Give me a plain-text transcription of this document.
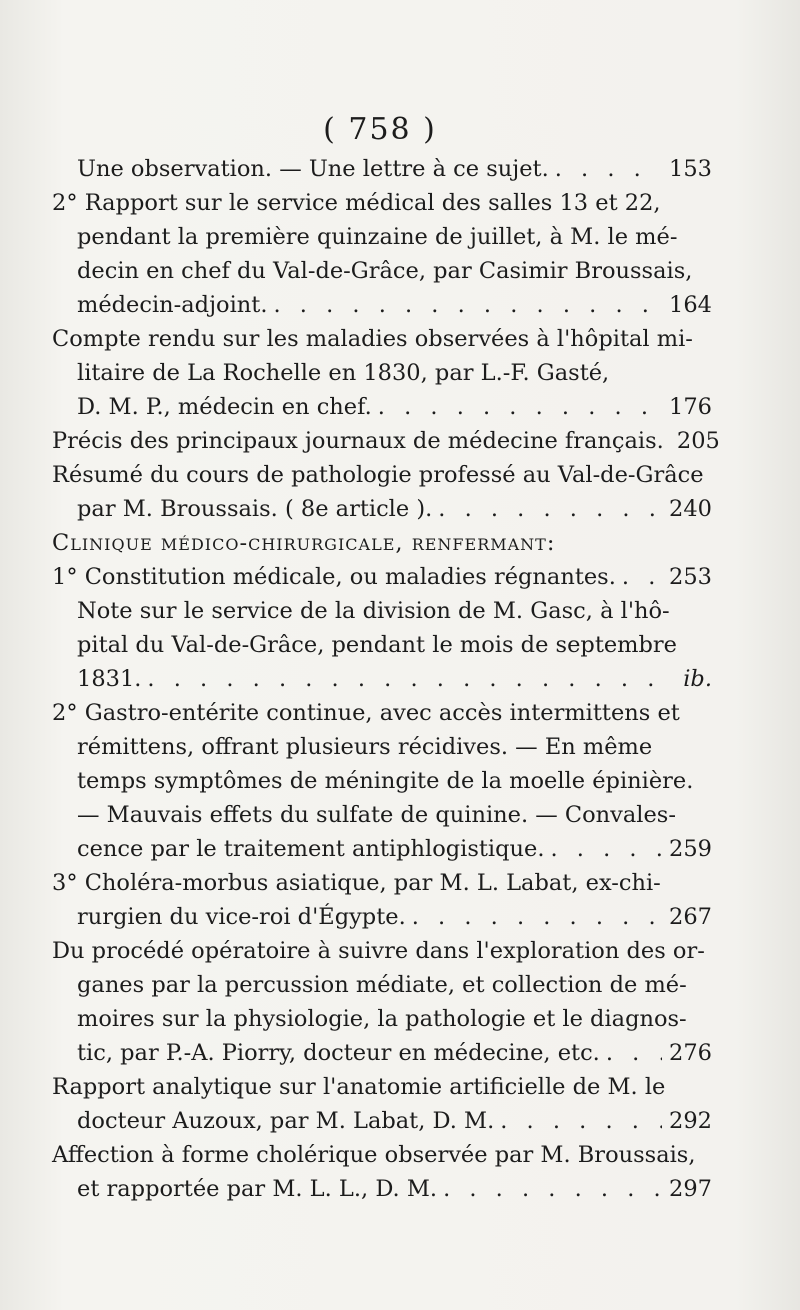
( 758 )
Une observation. — Une lettre à ce sujet. . . .	153
2° Rapport sur le service médical des salles 13 et 22,
pendant la première quinzaine de juillet, à M. le mé-
decin en chef du Val-de-Grâce, par Casimir Broussais,
médecin-adjoint. . . .	164
Compte rendu sur les maladies observées à l'hôpital mi-
litaire de La Rochelle en 1830, par L.-F. Gasté,
D. M. P., médecin en chef. . . .	176
Précis des principaux journaux de médecine français. 205
Résumé du cours de pathologie professé au Val-de-Grâce
par M. Broussais. ( 8e article ). . . .	240
Clinique médico-chirurgicale, renfermant:
1° Constitution médicale, ou maladies régnantes. . . . 253
Note sur le service de la division de M. Gasc, à l'hô-
pital du Val-de-Grâce, pendant le mois de septembre
1831. . . .	ib.
2° Gastro-entérite continue, avec accès intermittens et
rémittens, offrant plusieurs récidives. — En même
temps symptômes de méningite de la moelle épinière.
— Mauvais effets du sulfate de quinine. — Convales-
cence par le traitement antiphlogistique. . . .	259
3° Choléra-morbus asiatique, par M. L. Labat, ex-chi-
rurgien du vice-roi d'Égypte. . . .	267
Du procédé opératoire à suivre dans l'exploration des or-
ganes par la percussion médiate, et collection de mé-
moires sur la physiologie, la pathologie et le diagnos-
tic, par P.-A. Piorry, docteur en médecine, etc. . . .	276
Rapport analytique sur l'anatomie artificielle de M. le
docteur Auzoux, par M. Labat, D. M. . . .	292
Affection à forme cholérique observée par M. Broussais,
et rapportée par M. L. L., D. M. . . .	297
